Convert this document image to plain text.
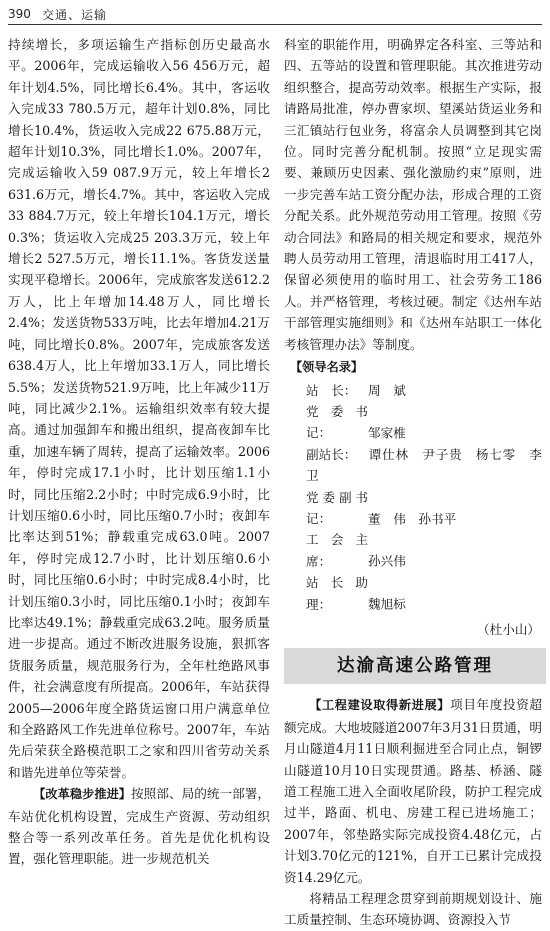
390 交通、运输

持续增长，多项运输生产指标创历史最高水平。2006年，完成运输收入56 456万元，超年计划4.5%，同比增长6.4%。其中，客运收入完成33 780.5万元，超年计划0.8%，同比增长10.4%，货运收入完成22 675.88万元，超年计划10.3%，同比增长1.0%。2007年，完成运输收入59 087.9万元，较上年增长2 631.6万元，增长4.7%。其中，客运收入完成33 884.7万元，较上年增长104.1万元，增长0.3%；货运收入完成25 203.3万元，较上年增长2 527.5万元，增长11.1%。客货发送量实现平稳增长。2006年，完成旅客发送612.2万人，比上年增加14.48万人，同比增长2.4%；发送货物533万吨，比去年增加4.21万吨，同比增长0.8%。2007年，完成旅客发送638.4万人，比上年增加33.1万人，同比增长5.5%；发送货物521.9万吨，比上年减少11万吨，同比减少2.1%。运输组织效率有较大提高。通过加强卸车和搬出组织，提高夜卸车比重，加速车辆了周转，提高了运输效率。2006年，停时完成17.1小时，比计划压缩1.1小时，同比压缩2.2小时；中时完成6.9小时，比计划压缩0.6小时，同比压缩0.7小时；夜卸车比率达到51%；静载重完成63.0吨。2007年，停时完成12.7小时，比计划压缩0.6小时，同比压缩0.6小时；中时完成8.4小时，比计划压缩0.3小时，同比压缩0.1小时；夜卸车比率达49.1%；静载重完成63.2吨。服务质量进一步提高。通过不断改进服务设施，狠抓客货服务质量，规范服务行为，全年杜绝路风事件，社会满意度有所提高。2006年，车站获得2005—2006年度全路货运窗口用户满意单位和全路路风工作先进单位称号。2007年，车站先后荣获全路模范职工之家和四川省劳动关系和谐先进单位等荣誉。

【改革稳步推进】按照部、局的统一部署，车站优化机构设置，完成生产资源、劳动组织整合等一系列改革任务。首先是优化机构设置，强化管理职能。进一步规范机关

科室的职能作用，明确界定各科室、三等站和四、五等站的设置和管理职能。其次推进劳动组织整合，提高劳动效率。根据生产实际，报请路局批准，停办曹家坝、望溪站货运业务和三汇镇站行包业务，将富余人员调整到其它岗位。同时完善分配机制。按照“立足现实需要、兼顾历史因素、强化激励约束”原则，进一步完善车站工资分配办法，形成合理的工资分配关系。此外规范劳动用工管理。按照《劳动合同法》和路局的相关规定和要求，规范外聘人员劳动用工管理，清退临时用工417人，保留必须使用的临时用工、社会劳务工186人。并严格管理，考核过硬。制定《达州车站干部管理实施细则》和《达州车站职工一体化考核管理办法》等制度。

【领导名录】
站　长： 周　斌
党委书记：	邹家椎
副站长： 谭仕林　尹子贵　杨七零　李卫
党委副书记：	董　伟　孙书平
工会主席：	孙兴伟
站长助理：	魏旭标
（杜小山）
达渝高速公路管理

【工程建设取得新进展】项目年度投资超额完成。大地坡隧道2007年3月31日贯通，明月山隧道4月11日顺利掘进至合同止点，铜锣山隧道10月10日实现贯通。路基、桥涵、隧道工程施工进入全面收尾阶段，防护工程完成过半，路面、机电、房建工程已进场施工；2007年，邻垫路实际完成投资4.48亿元，占计划3.70亿元的121%，自开工已累计完成投资14.29亿元。

将精品工程理念贯穿到前期规划设计、施工质量控制、生态环境协调、资源投入节
